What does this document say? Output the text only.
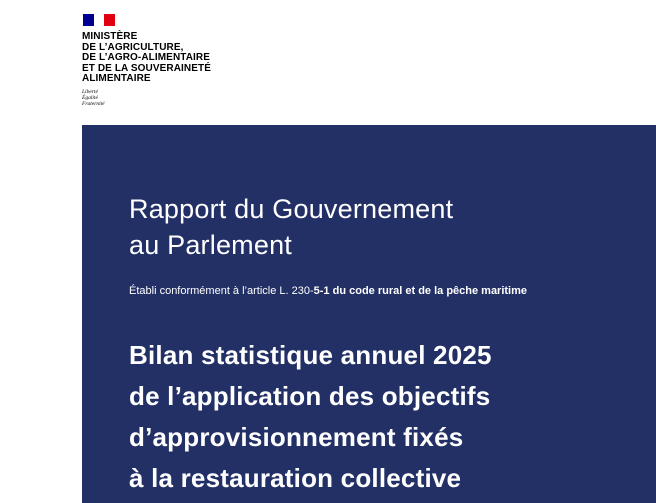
MINISTÈRE
DE L’AGRICULTURE,
DE L’AGRO-ALIMENTAIRE
ET DE LA SOUVERAINETÉ
ALIMENTAIRE
Liberté
Égalité
Fraternité
Rapport du Gouvernement
au Parlement
Établi conformément à l’article L. 230-5-1 du code rural et de la pêche maritime
Bilan statistique annuel 2025
de l’application des objectifs
d’approvisionnement fixés
à la restauration collective
